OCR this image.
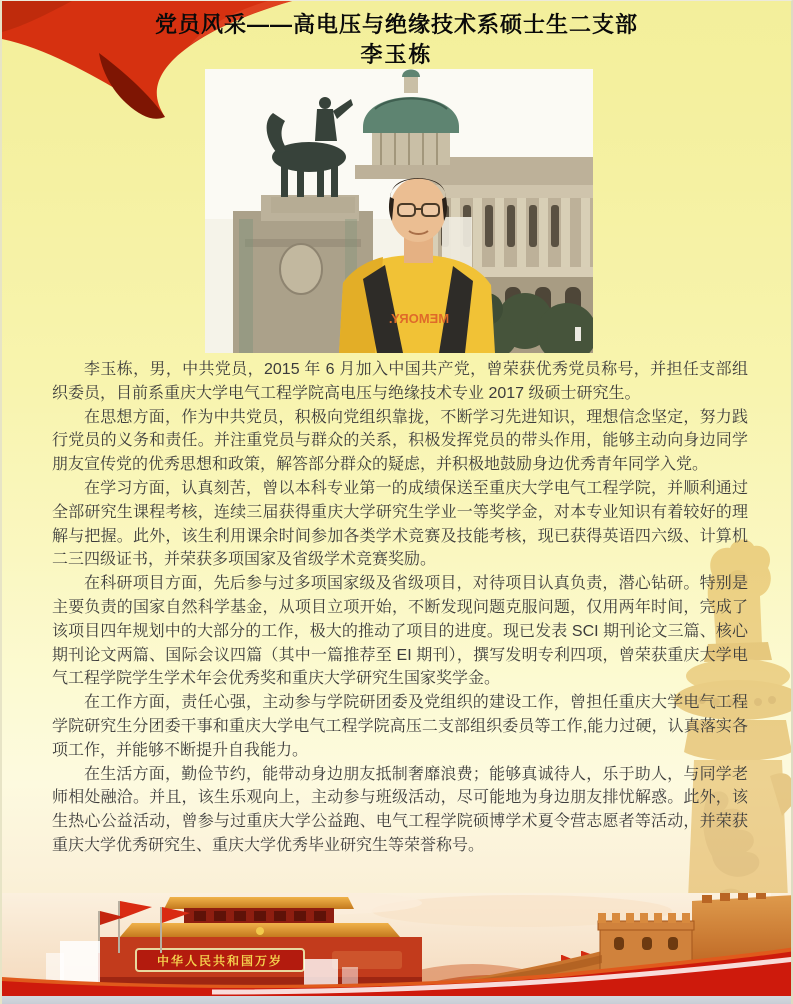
党员风采——高电压与绝缘技术系硕士生二支部
李玉栋
MEMORY.

李玉栋，男，中共党员，2015 年 6 月加入中国共产党，曾荣获优秀党员称号，并担任支部组织委员，目前系重庆大学电气工程学院高电压与绝缘技术专业 2017 级硕士研究生。

在思想方面，作为中共党员，积极向党组织靠拢，不断学习先进知识，理想信念坚定，努力践行党员的义务和责任。并注重党员与群众的关系，积极发挥党员的带头作用，能够主动向身边同学朋友宣传党的优秀思想和政策，解答部分群众的疑虑，并积极地鼓励身边优秀青年同学入党。

在学习方面，认真刻苦，曾以本科专业第一的成绩保送至重庆大学电气工程学院，并顺利通过全部研究生课程考核，连续三届获得重庆大学研究生学业一等奖学金，对本专业知识有着较好的理解与把握。此外，该生利用课余时间参加各类学术竞赛及技能考核，现已获得英语四六级、计算机二三四级证书，并荣获多项国家及省级学术竞赛奖励。

在科研项目方面，先后参与过多项国家级及省级项目，对待项目认真负责，潜心钻研。特别是主要负责的国家自然科学基金，从项目立项开始，不断发现问题克服问题，仅用两年时间，完成了该项目四年规划中的大部分的工作，极大的推动了项目的进度。现已发表 SCI 期刊论文三篇、核心期刊论文两篇、国际会议四篇（其中一篇推荐至 EI 期刊），撰写发明专利四项，曾荣获重庆大学电气工程学院学生学术年会优秀奖和重庆大学研究生国家奖学金。

在工作方面，责任心强，主动参与学院研团委及党组织的建设工作，曾担任重庆大学电气工程学院研究生分团委干事和重庆大学电气工程学院高压二支部组织委员等工作,能力过硬，认真落实各项工作，并能够不断提升自我能力。

在生活方面，勤俭节约，能带动身边朋友抵制奢靡浪费；能够真诚待人，乐于助人，与同学老师相处融洽。并且，该生乐观向上，主动参与班级活动，尽可能地为身边朋友排忧解惑。此外，该生热心公益活动，曾参与过重庆大学公益跑、电气工程学院硕博学术夏令营志愿者等活动，并荣获重庆大学优秀研究生、重庆大学优秀毕业研究生等荣誉称号。

中华人民共和国万岁
